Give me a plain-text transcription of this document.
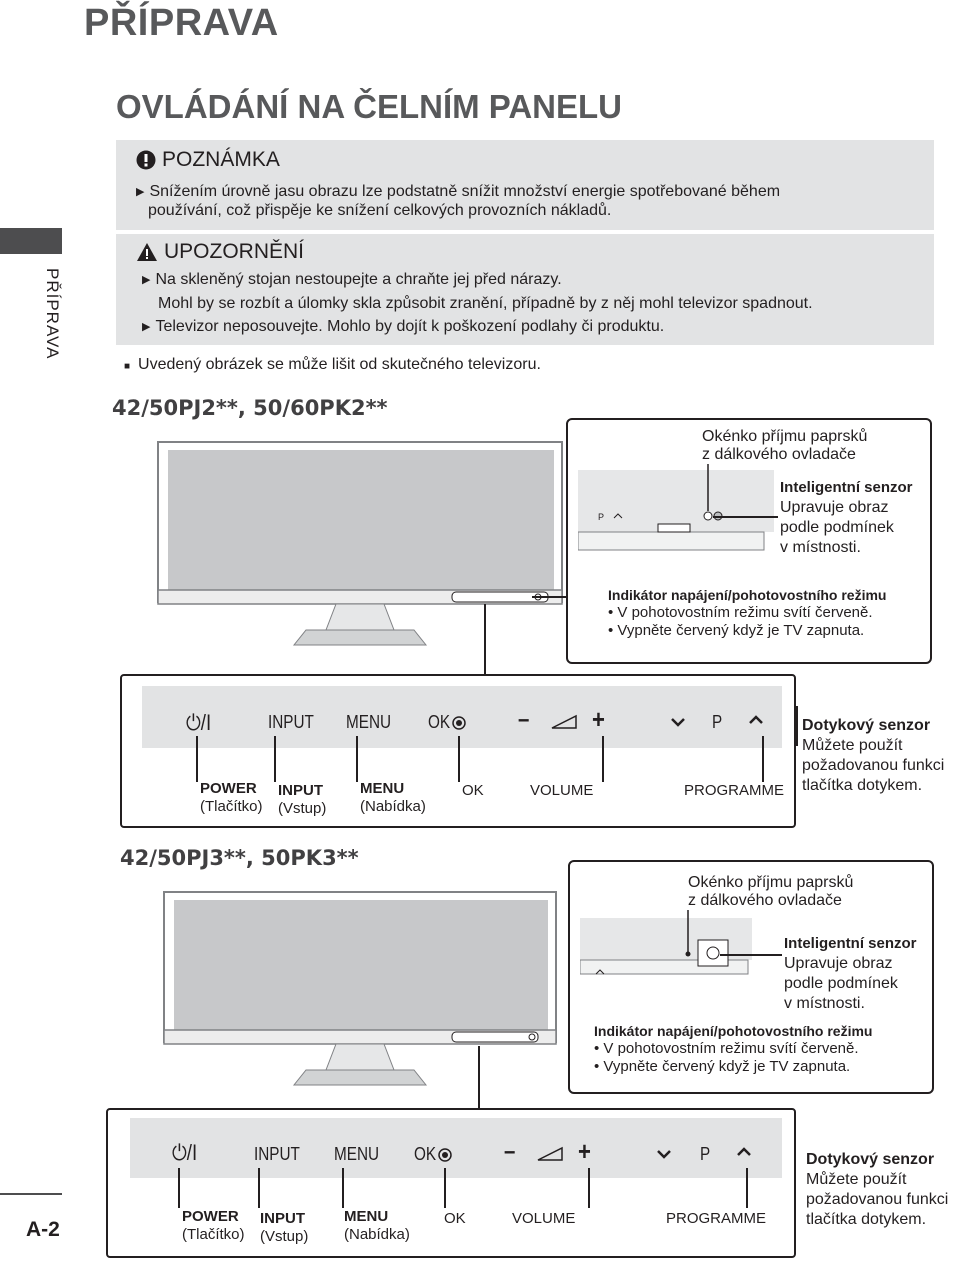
PŘÍPRAVA
PŘÍPRAVA
OVLÁDÁNÍ NA ČELNÍM PANELU
POZNÁMKA
▶ Snížením úrovně jasu obrazu lze podstatně snížit množství energie spotřebované během
používání, což přispěje ke snížení celkových provozních nákladů.
UPOZORNĚNÍ
▶ Na skleněný stojan nestoupejte a chraňte jej před nárazy.
Mohl by se rozbít a úlomky skla způsobit zranění, případně by z něj mohl televizor spadnout.
▶ Televizor neposouvejte. Mohlo by dojít k poškození podlahy či produktu.
■ Uvedený obrázek se může lišit od skutečného televizoru.
42/50PJ2**, 50/60PK2**
Okénko příjmu paprsků
z dálkového ovladače
P
Inteligentní senzor
Upravuje obraz
podle podmínek
v místnosti.
Indikátor napájení/pohotovostního režimu
• V pohotovostním režimu svítí červeně.
• Vypněte červený když je TV zapnuta.
⏻/I	INPUT MENU OK	– +	P
POWER
(Tlačítko)
INPUT
(Vstup)
MENU
(Nabídka)
OK	VOLUME	PROGRAMME
Dotykový senzor
Můžete použít
požadovanou funkci
tlačítka dotykem.
42/50PJ3**, 50PK3**
Okénko příjmu paprsků
z dálkového ovladače
Inteligentní senzor
Upravuje obraz
podle podmínek
v místnosti.
Indikátor napájení/pohotovostního režimu
• V pohotovostním režimu svítí červeně.
• Vypněte červený když je TV zapnuta.
⏻/I	INPUT MENU OK	– +	P
POWER
(Tlačítko)
INPUT
(Vstup)
MENU
(Nabídka)
OK	VOLUME	PROGRAMME
Dotykový senzor
Můžete použít
požadovanou funkci
tlačítka dotykem.
A-2
